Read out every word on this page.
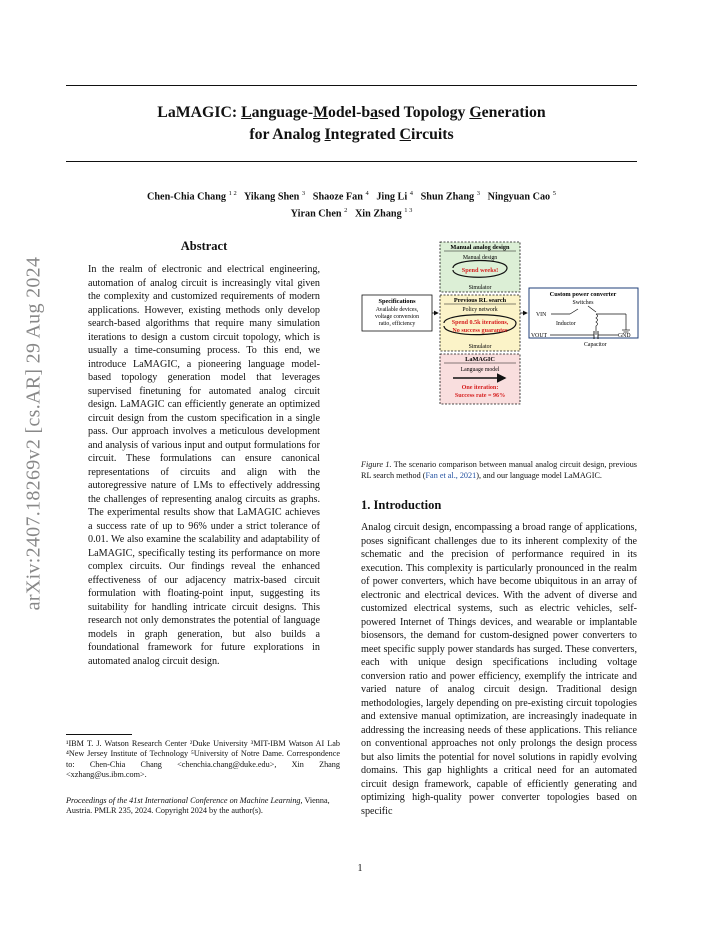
LaMAGIC: Language-Model-based Topology Generation
for Analog Integrated Circuits
Chen-Chia Chang $^{1 2}$ Yikang Shen $^3$ Shaoze Fan $^4$ Jing Li $^4$ Shun Zhang $^3$ Ningyuan Cao $^5$
Yiran Chen $^2$ Xin Zhang $^{1 3}$
arXiv:2407.18269v2 [cs.AR] 29 Aug 2024
Abstract
In the realm of electronic and electrical engineering, automation of analog circuit is increasingly vital given the complexity and customized requirements of modern applications. However, existing methods only develop search-based algorithms that require many simulation iterations to design a custom circuit topology, which is usually a time-consuming process. To this end, we introduce LaMAGIC, a pioneering language model-based topology generation model that leverages supervised finetuning for automated analog circuit design. LaMAGIC can efficiently generate an optimized circuit design from the custom specification in a single pass. Our approach involves a meticulous development and analysis of various input and output formulations for circuit. These formulations can ensure canonical representations of circuits and align with the autoregressive nature of LMs to effectively addressing the challenges of representing analog circuits as graphs. The experimental results show that LaMAGIC achieves a success rate of up to 96% under a strict tolerance of 0.01. We also examine the scalability and adaptability of LaMAGIC, specifically testing its performance on more complex circuits. Our findings reveal the enhanced effectiveness of our adjacency matrix-based circuit formulation with floating-point input, suggesting its suitability for handling intricate circuit designs. This research not only demonstrates the potential of language models in graph generation, but also builds a foundational framework for future explorations in automated analog circuit design.
¹IBM T. J. Watson Research Center ²Duke University ³MIT-IBM Watson AI Lab ⁴New Jersey Institute of Technology ⁵University of Notre Dame. Correspondence to: Chen-Chia Chang <chenchia.chang@duke.edu>, Xin Zhang <xzhang@us.ibm.com>.
Proceedings of the 41st International Conference on Machine Learning, Vienna, Austria. PMLR 235, 2024. Copyright 2024 by the author(s).
Specifications
Available devices,
voltage conversion
ratio, efficiency
Manual analog design
Manual design
Spend weeks!
Simulator
Previous RL search
Policy network
Spend 0.5k iterations,
No success guarantee
Simulator
LaMAGIC
Language model
One iteration:
Success rate = 96%
Custom power converter
Switches
VIN
Inductor
VOUT	GND
Capacitor
Figure 1. The scenario comparison between manual analog circuit design, previous RL search method (Fan et al., 2021), and our language model LaMAGIC.
1. Introduction
Analog circuit design, encompassing a broad range of applications, poses significant challenges due to its inherent complexity of the schematic and the precision of performance required in its execution. This complexity is particularly pronounced in the realm of power converters, which have become ubiquitous in an array of electronic and electrical devices. With the advent of diverse and customized electrical systems, such as electric vehicles, self-powered Internet of Things devices, and wearable or implantable biosensors, the demand for custom-designed power converters to meet specific supply power standards has surged. These converters, each with unique design specifications including voltage conversion ratio and power efficiency, exemplify the intricate and varied nature of analog circuit design. Traditional design methodologies, largely depending on pre-existing circuit topologies and extensive manual optimization, are increasingly inadequate in addressing the increasing needs of these applications. This reliance on conventional approaches not only prolongs the design process but also limits the potential for novel solutions in rapidly evolving domains. This gap highlights a critical need for an automated circuit design framework, capable of efficiently generating and optimizing high-quality power converter topologies based on specific
1
